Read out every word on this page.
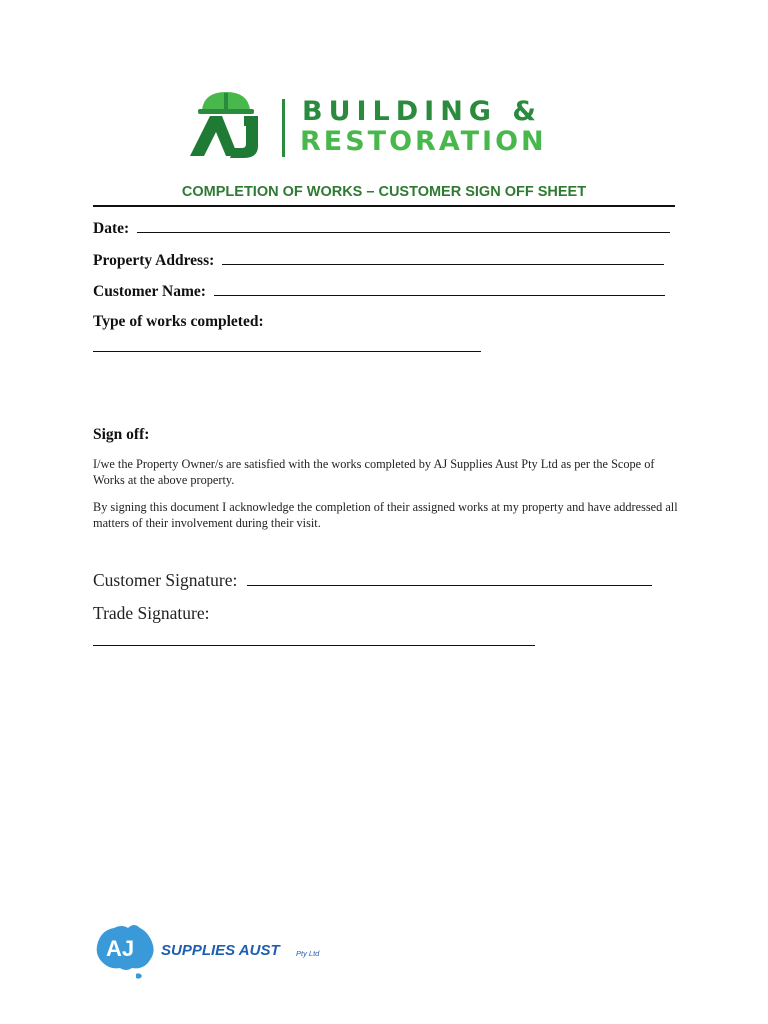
BUILDING &
RESTORATION
COMPLETION OF WORKS – CUSTOMER SIGN OFF SHEET
Date:
Property Address:
Customer Name:
Type of works completed:
Sign off:
I/we the Property Owner/s are satisfied with the works completed by AJ Supplies Aust Pty Ltd as per the Scope of Works at the above property.
By signing this document I acknowledge the completion of their assigned works at my property and have addressed all matters of their involvement during their visit.
Customer Signature:
Trade Signature:
AJ SUPPLIES AUST Pty Ltd
